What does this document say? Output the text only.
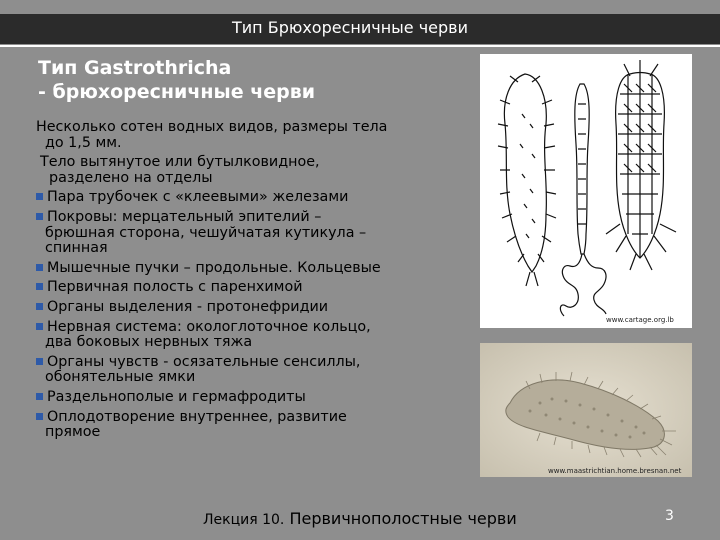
Тип Брюхоресничные черви
Тип Gastrothricha
- брюхоресничные черви
Несколько сотен водных видов, размеры тела
до 1,5 мм.
Тело вытянутое или бутылковидное,
разделено на отделы
Пара трубочек с «клеевыми» железами
Покровы: мерцательный эпителий –
брюшная сторона, чешуйчатая кутикула –
спинная
Мышечные пучки – продольные. Кольцевые
Первичная полость с паренхимой
Органы выделения - протонефридии
Нервная система: окологлоточное кольцо,
два боковых нервных тяжа
Органы чувств - осязательные сенсиллы,
обонятельные ямки
Раздельнополые и гермафродиты
Оплодотворение внутреннее, развитие
прямое
www.cartage.org.lb
www.maastrichtian.home.bresnan.net
Лекция 10. Первичнополостные черви	3
